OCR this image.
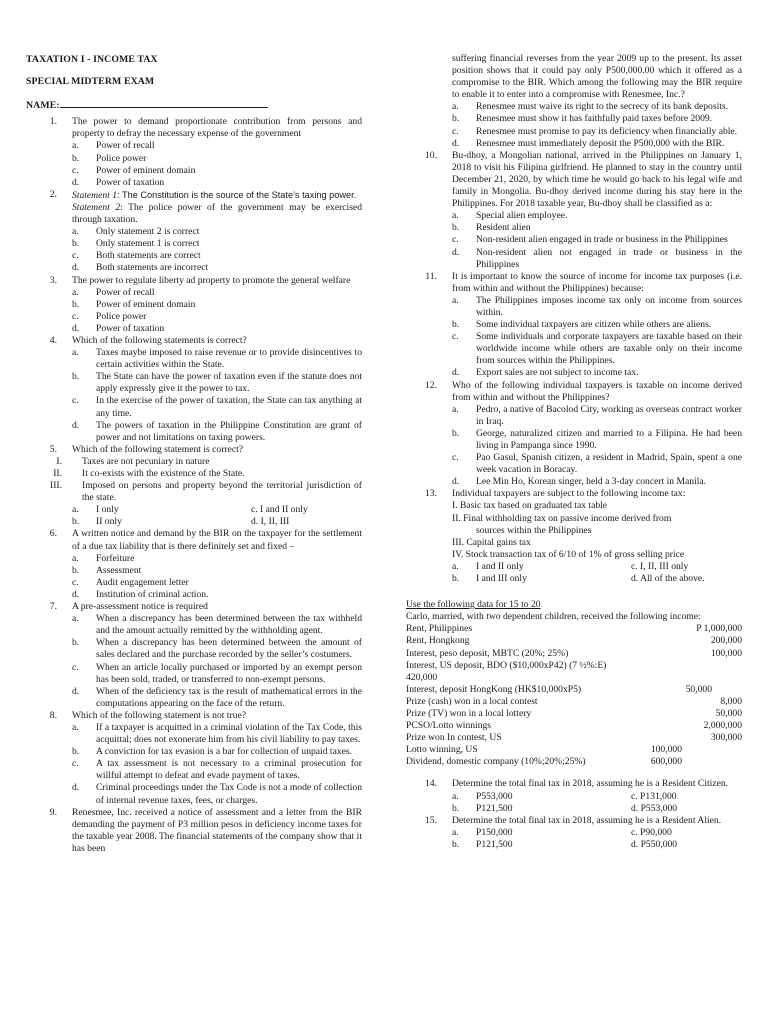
TAXATION I - INCOME TAX
SPECIAL MIDTERM EXAM
NAME:
1. The power to demand proportionate contribution from persons and property to defray the necessary expense of the government
a. Power of recall
b. Police power
c. Power of eminent domain
d. Power of taxation
2. Statement 1: The Constitution is the source of the State’s taxing power.
Statement 2: The police power of the government may be exercised through taxation.
a. Only statement 2 is correct
b. Only statement 1 is correct
c. Both statements are correct
d. Both statements are incorrect
3. The power to regulate liberty ad property to promote the general welfare
a. Power of recall
b. Power of eminent domain
c. Police power
d. Power of taxation
4. Which of the following statements is correct?
a. Taxes maybe imposed to raise revenue or to provide disincentives to certain activities within the State.
b. The State can have the power of taxation even if the statute does not apply expressly give it the power to tax.
c. In the exercise of the power of taxation, the State can tax anything at any time.
d. The powers of taxation in the Philippine Constitution are grant of power and not limitations on taxing powers.
5. Which of the following statement is correct?
I. Taxes are not pecuniary in nature
II. It co-exists with the existence of the State.
III. Imposed on persons and property beyond the territorial jurisdiction of the state.
a. I only	c. I and II only
b. II only	d. I, II, III
6. A written notice and demand by the BIR on the taxpayer for the settlement of a due tax liability that is there definitely set and fixed –
a. Forfeiture
b. Assessment
c. Audit engagement letter
d. Institution of criminal action.
7. A pre-assessment notice is required
a. When a discrepancy has been determined between the tax withheld and the amount actually remitted by the withholding agent.
b. When a discrepancy has been determined between the amount of sales declared and the purchase recorded by the seller’s costumers.
c. When an article locally purchased or imported by an exempt person has been sold, traded, or transferred to non-exempt persons.
d. When of the deficiency tax is the result of mathematical errors in the computations appearing on the face of the return.
8. Which of the following statement is not true?
a. If a taxpayer is acquitted in a criminal violation of the Tax Code, this acquittal; does not exonerate him from his civil liability to pay taxes.
b. A conviction for tax evasion is a bar for collection of unpaid taxes.
c. A tax assessment is not necessary to a criminal prosecution for willful attempt to defeat and evade payment of taxes.
d. Criminal proceedings under the Tax Code is not a mode of collection of internal revenue taxes, fees, or charges.
9. Renesmee, Inc. received a notice of assessment and a letter from the BIR demanding the payment of P3 million pesos in deficiency income taxes for the taxable year 2008. The financial statements of the company show that it has been
suffering financial reverses from the year 2009 up to the present. Its asset position shows that it could pay only P500,000.00 which it offered as a compromise to the BIR. Which among the following may the BIR require to enable it to enter into a compromise with Renesmee, Inc.?
a. Renesmee must waive its right to the secrecy of its bank deposits.
b. Renesmee must show it has faithfully paid taxes before 2009.
c. Renesmee must promise to pay its deficiency when financially able.
d. Renesmee must immediately deposit the P500,000 with the BIR.
10. Bu-dhoy, a Mongolian national, arrived in the Philippines on January 1, 2018 to visit his Filipina girlfriend. He planned to stay in the country until December 21, 2020, by which time he would go back to his legal wife and family in Mongolia. Bu-dhoy derived income during his stay here in the Philippines. For 2018 taxable year, Bu-dhoy shall be classified as a:
a. Special alien employee.
b. Resident alien
c. Non-resident alien engaged in trade or business in the Philippines
d. Non-resident alien not engaged in trade or business in the Philippines
11. It is important to know the source of income for income tax purposes (i.e. from within and without the Philippines) because:
a. The Philippines imposes income tax only on income from sources within.
b. Some individual taxpayers are citizen while others are aliens.
c. Some individuals and corporate taxpayers are taxable based on their worldwide income while others are taxable only on their income from sources within the Philippines.
d. Export sales are not subject to income tax.
12. Who of the following individual taxpayers is taxable on income derived from within and without the Philippines?
a. Pedro, a native of Bacolod City, working as overseas contract worker in Iraq.
b. George, naturalized citizen and married to a Filipina. He had been living in Pampanga since 1990.
c. Pao Gasul, Spanish citizen, a resident in Madrid, Spain, spent a one week vacation in Boracay.
d. Lee Min Ho, Korean singer, held a 3-day concert in Manila.
13. Individual taxpayers are subject to the following income tax:
I. Basic tax based on graduated tax table
II. Final withholding tax on passive income derived from
sources within the Philippines
III. Capital gains tax
IV. Stock transaction tax of 6/10 of 1% of gross selling price
a. I and II only	c. I, II, III only
b. I and III only	d. All of the above.
Use the following data for 15 to 20
Carlo, married, with two dependent children, received the following income:
Rent, Philippines	P 1,000,000
Rent, Hongkong	200,000
Interest, peso deposit, MBTC (20%; 25%)	100,000
Interest, US deposit, BDO ($10,000xP42) (7 ½%:E)
420,000
Interest, deposit HongKong (HK$10,000xP5)	50,000
Prize (cash) won in a local contest	8,000
Prize (TV) won in a local lottery	50,000
PCSO/Lotto winnings	2,000,000
Prize won In contest, US	300,000
Lotto winning, US	100,000
Dividend, domestic company (10%;20%;25%)	600,000
14. Determine the total final tax in 2018, assuming he is a Resident Citizen.
a. P553,000	c. P131,000
b. P121,500	d. P553,000
15. Determine the total final tax in 2018, assuming he is a Resident Alien.
a. P150,000	c. P90,000
b. P121,500	d. P550,000
